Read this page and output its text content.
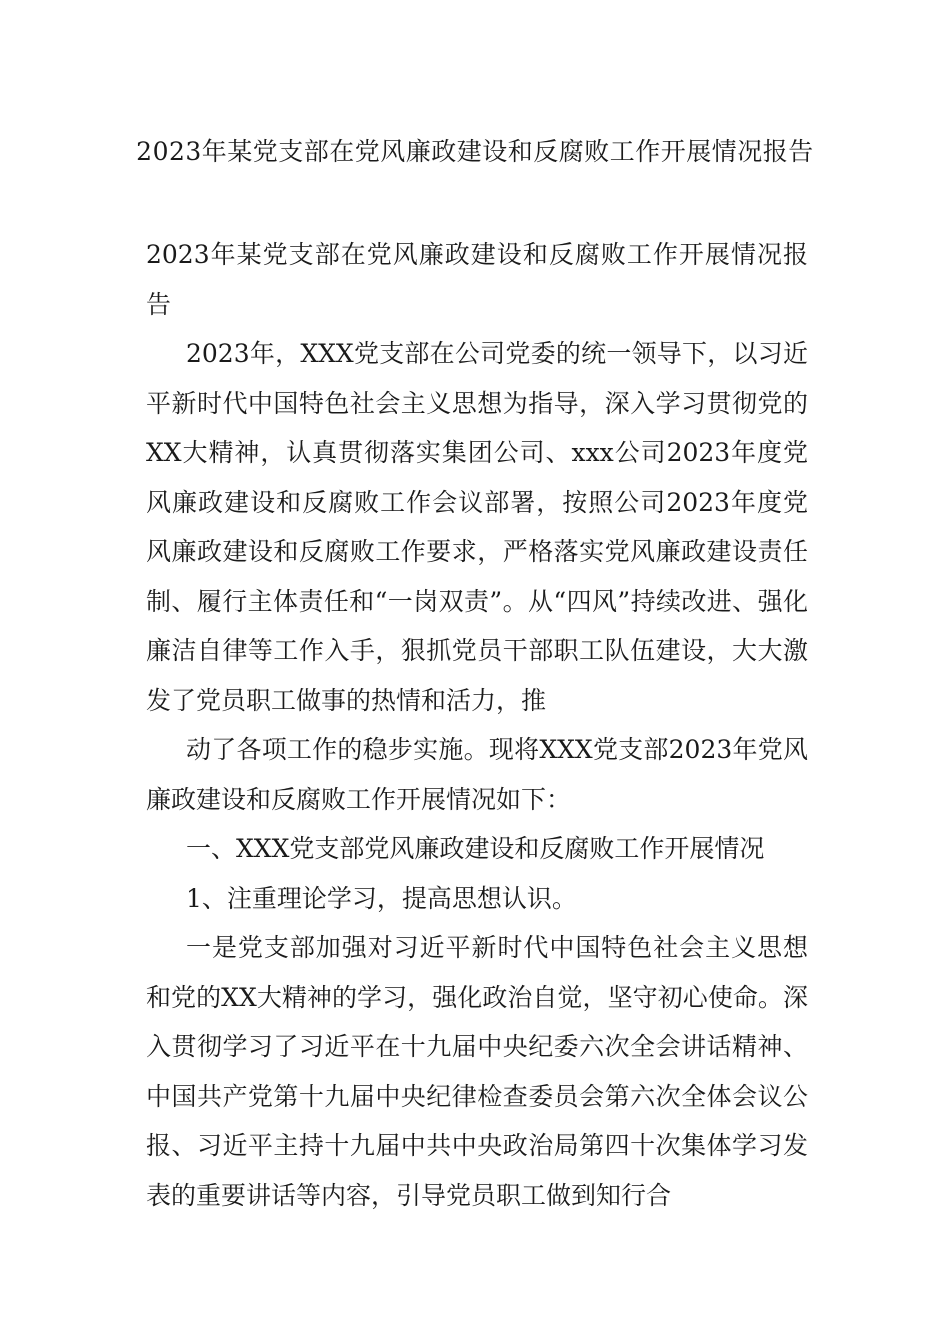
2023年某党支部在党风廉政建设和反腐败工作开展情况报告

2023年某党支部在党风廉政建设和反腐败工作开展情况报告

2023年，XXX党支部在公司党委的统一领导下，以习近平新时代中国特色社会主义思想为指导，深入学习贯彻党的XX大精神，认真贯彻落实集团公司、xxx公司2023年度党风廉政建设和反腐败工作会议部署，按照公司2023年度党风廉政建设和反腐败工作要求，严格落实党风廉政建设责任制、履行主体责任和“一岗双责”。从“四风”持续改进、强化廉洁自律等工作入手，狠抓党员干部职工队伍建设，大大激发了党员职工做事的热情和活力，推

动了各项工作的稳步实施。现将XXX党支部2023年党风廉政建设和反腐败工作开展情况如下：

一、XXX党支部党风廉政建设和反腐败工作开展情况

1、注重理论学习，提高思想认识。

一是党支部加强对习近平新时代中国特色社会主义思想和党的XX大精神的学习，强化政治自觉，坚守初心使命。深入贯彻学习了习近平在十九届中央纪委六次全会讲话精神、中国共产党第十九届中央纪律检查委员会第六次全体会议公报、习近平主持十九届中共中央政治局第四十次集体学习发表的重要讲话等内容，引导党员职工做到知行合
